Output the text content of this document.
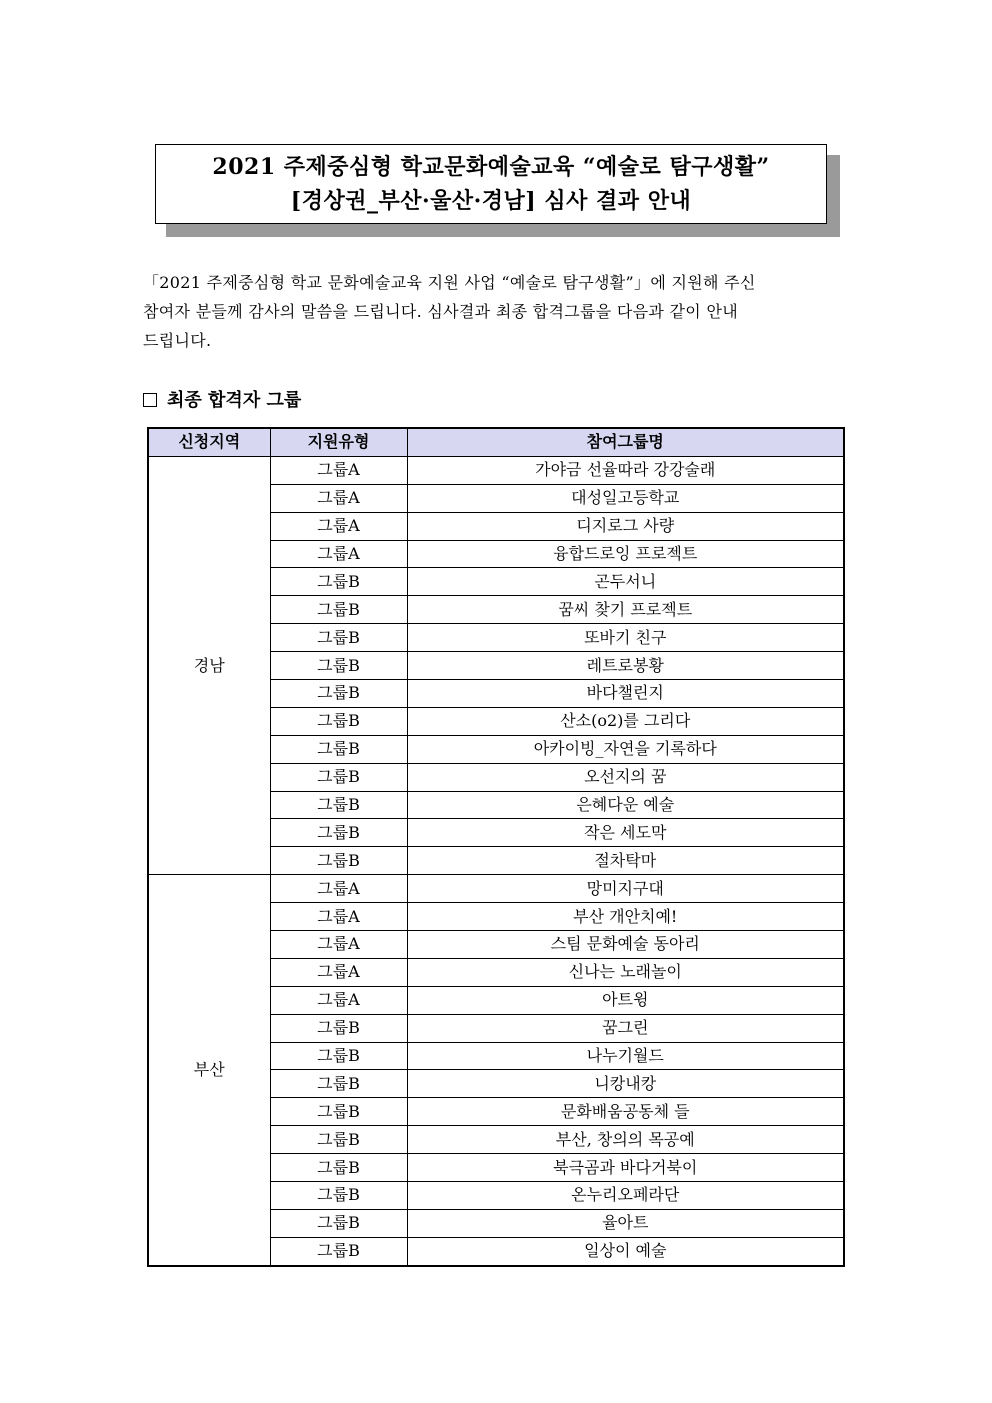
2021 주제중심형 학교문화예술교육 “예술로 탐구생활”
[경상권_부산·울산·경남] 심사 결과 안내
「2021 주제중심형 학교 문화예술교육 지원 사업 “예술로 탐구생활”」에 지원해 주신
참여자 분들께 감사의 말씀을 드립니다. 심사결과 최종 합격그룹을 다음과 같이 안내
드립니다.
최종 합격자 그룹
신청지역	지원유형	참여그룹명
경남	그룹A	가야금 선율따라 강강술래
	그룹A	대성일고등학교
	그룹A	디지로그 사량
	그룹A	융합드로잉 프로젝트
	그룹B	곤두서니
	그룹B	꿈씨 찾기 프로젝트
	그룹B	또바기 친구
	그룹B	레트로봉황
	그룹B	바다챌린지
	그룹B	산소(o2)를 그리다
	그룹B	아카이빙_자연을 기록하다
	그룹B	오선지의 꿈
	그룹B	은혜다운 예술
	그룹B	작은 세도막
	그룹B	절차탁마
부산	그룹A	망미지구대
	그룹A	부산 개안치예!
	그룹A	스팀 문화예술 동아리
	그룹A	신나는 노래놀이
	그룹A	아트윙
	그룹B	꿈그린
	그룹B	나누기월드
	그룹B	니캉내캉
	그룹B	문화배움공동체 들
	그룹B	부산, 창의의 목공예
	그룹B	북극곰과 바다거북이
	그룹B	온누리오페라단
	그룹B	율아트
	그룹B	일상이 예술
